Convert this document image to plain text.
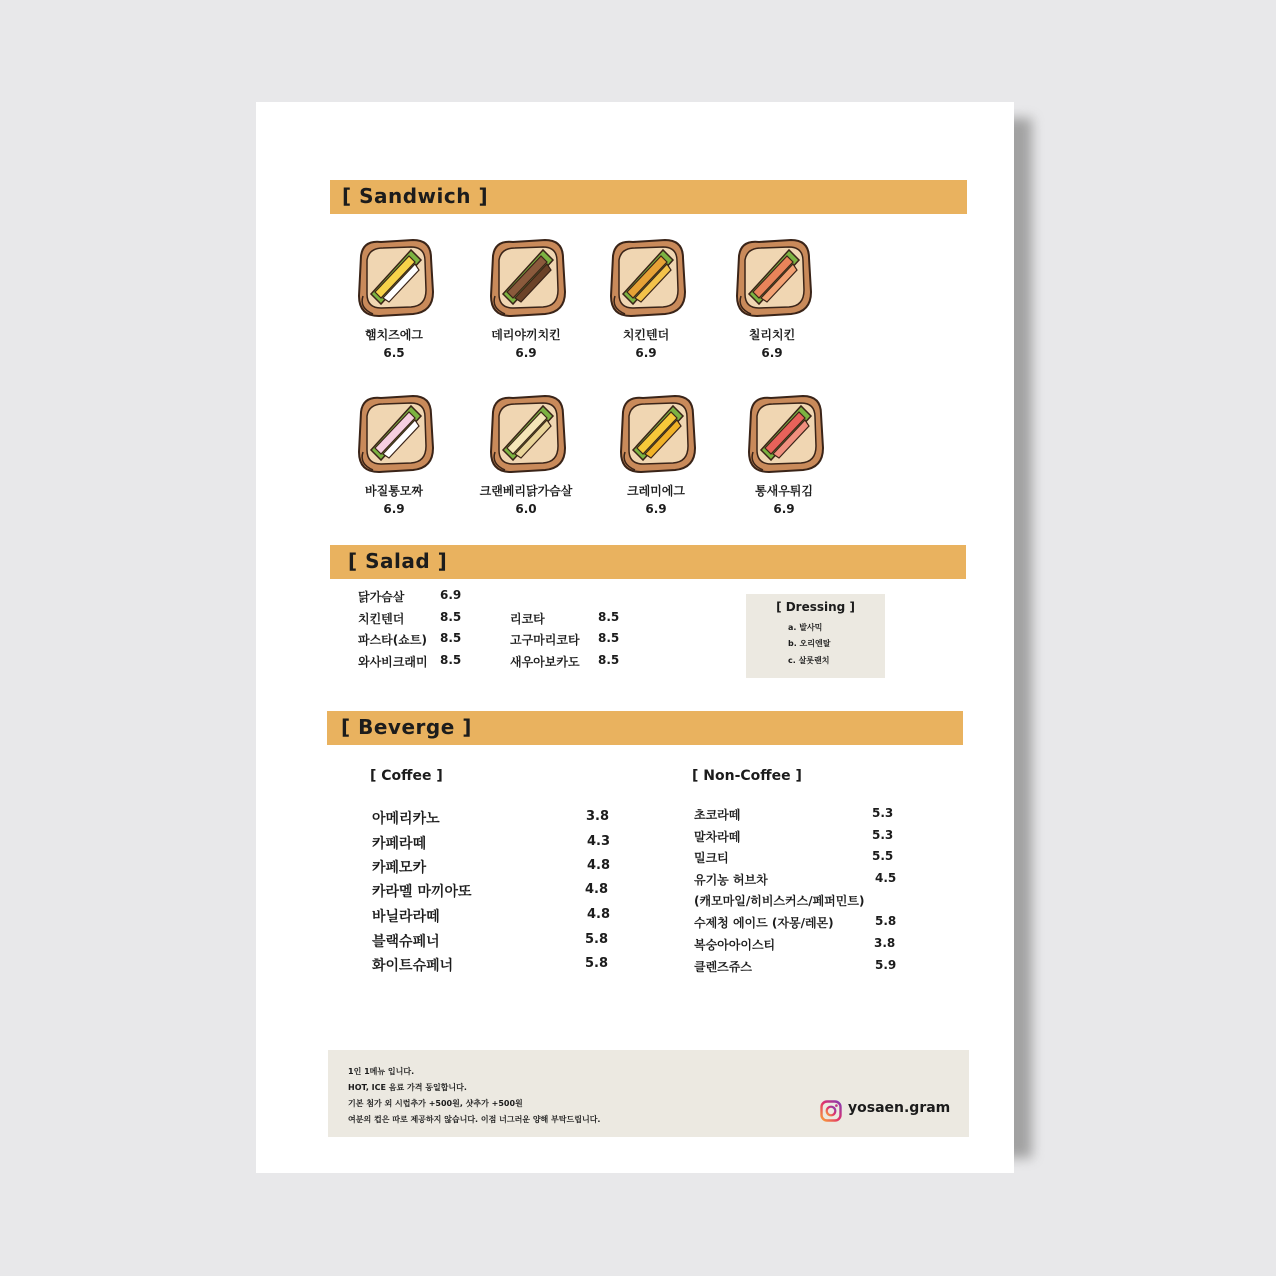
[ Sandwich ]
햄치즈에그
6.5
데리야끼치킨
6.9
치킨텐더
6.9
칠리치킨
6.9
바질통모짜
6.9
크랜베리닭가슴살
6.0
크레미에그
6.9
통새우튀김
6.9
[ Salad ]
닭가슴살	6.9
치킨텐더	8.5
파스타(쇼트) 8.5
와사비크래미 8.5
리코타	8.5
고구마리코타 8.5
새우아보카도 8.5
[ Dressing ]
a. 발사믹
b. 오리엔탈
c. 살롯랜치
[ Beverge ]
[ Coffee ]	[ Non-Coffee ]
아메리카노	3.8
카페라떼	4.3
카페모카	4.8
카라멜 마끼아또	4.8
바닐라라떼	4.8
블랙슈페너	5.8
화이트슈페너	5.8
초코라떼	5.3
말차라떼	5.3
밀크티	5.5
유기농 허브차	4.5
(캐모마일/히비스커스/페퍼민트)
수제청 에이드 (자몽/레몬)	5.8
복숭아아이스티	3.8
클렌즈쥬스	5.9
1인 1메뉴 입니다.
HOT, ICE 음료 가격 동일합니다.
기본 첨가 외 시럽추가 +500원, 샷추가 +500원
여분의 컵은 따로 제공하지 않습니다. 이점 너그러운 양해 부탁드립니다.
yosaen.gram
